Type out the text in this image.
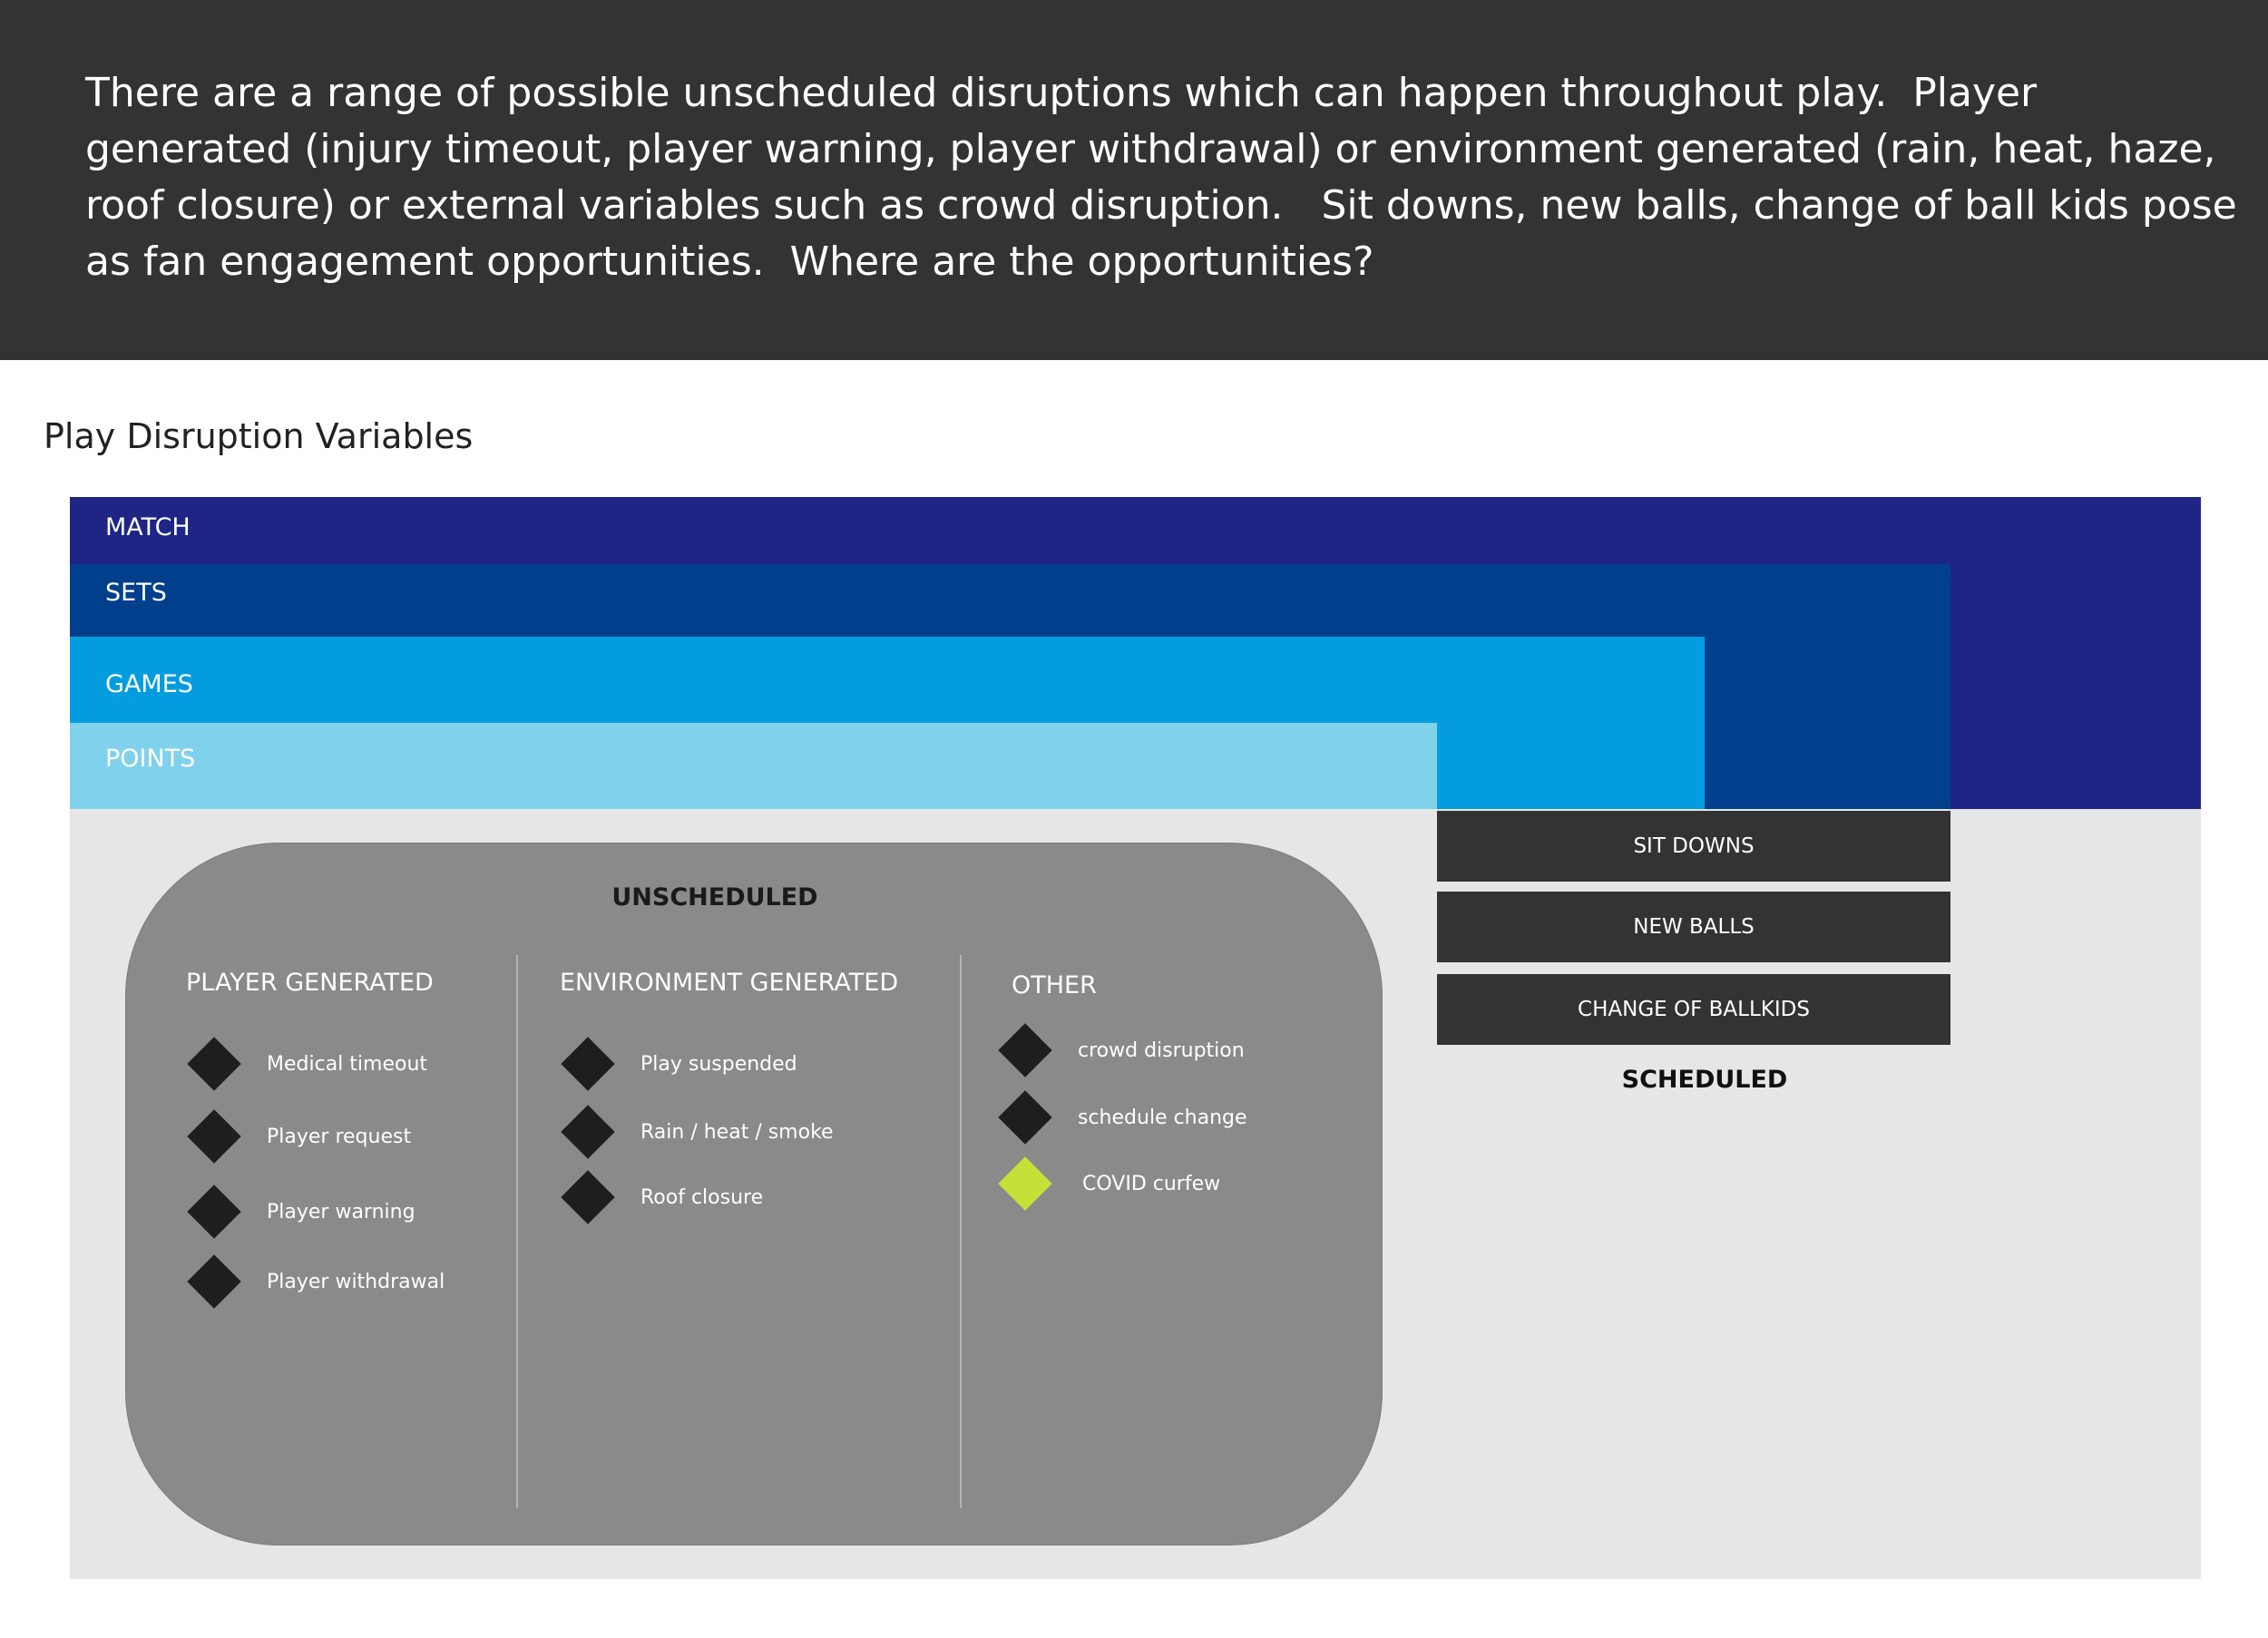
There are a range of possible unscheduled disruptions which can happen throughout play.  Player generated (injury timeout, player warning, player withdrawal) or environment generated (rain, heat, haze, roof closure) or external variables such as crowd disruption.   Sit downs, new balls, change of ball kids pose as fan engagement opportunities.  Where are the opportunities?

Play Disruption Variables
MATCH
SETS
GAMES
POINTS
SIT DOWNS
NEW BALLS
CHANGE OF BALLKIDS
SCHEDULED
UNSCHEDULED
PLAYER GENERATED	ENVIRONMENT GENERATED	OTHER
Medical timeout
Player request
Player warning
Player withdrawal
Play suspended
Rain / heat / smoke
Roof closure
crowd disruption
schedule change
COVID curfew
